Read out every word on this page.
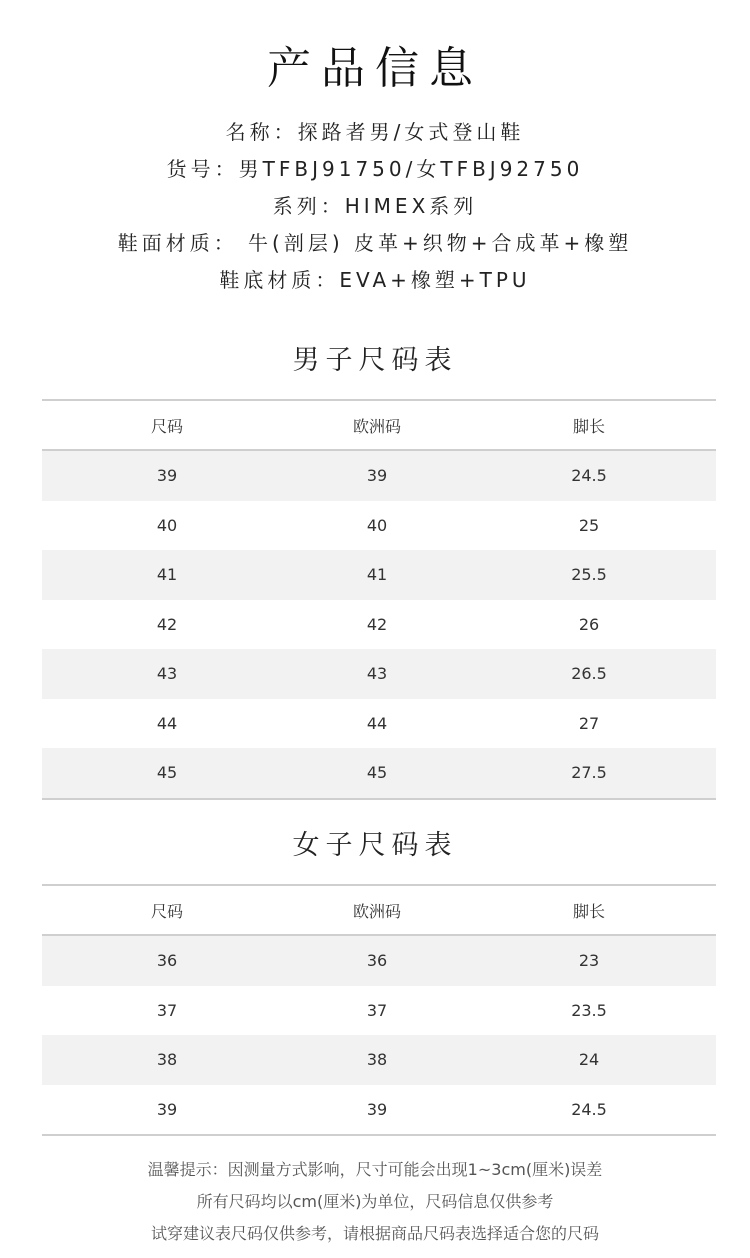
产品信息
名称：探路者男/女式登山鞋
货号：男TFBJ91750/女TFBJ92750
系列：HIMEX系列
鞋面材质： 牛(剖层) 皮革+织物+合成革+橡塑
鞋底材质：EVA+橡塑+TPU
男子尺码表
尺码	欧洲码	脚长
39	39	24.5
40	40	25
41	41	25.5
42	42	26
43	43	26.5
44	44	27
45	45	27.5
女子尺码表
尺码	欧洲码	脚长
36	36	23
37	37	23.5
38	38	24
39	39	24.5
温馨提示：因测量方式影响，尺寸可能会出现1~3cm(厘米)误差
所有尺码均以cm(厘米)为单位，尺码信息仅供参考
试穿建议表尺码仅供参考，请根据商品尺码表选择适合您的尺码
